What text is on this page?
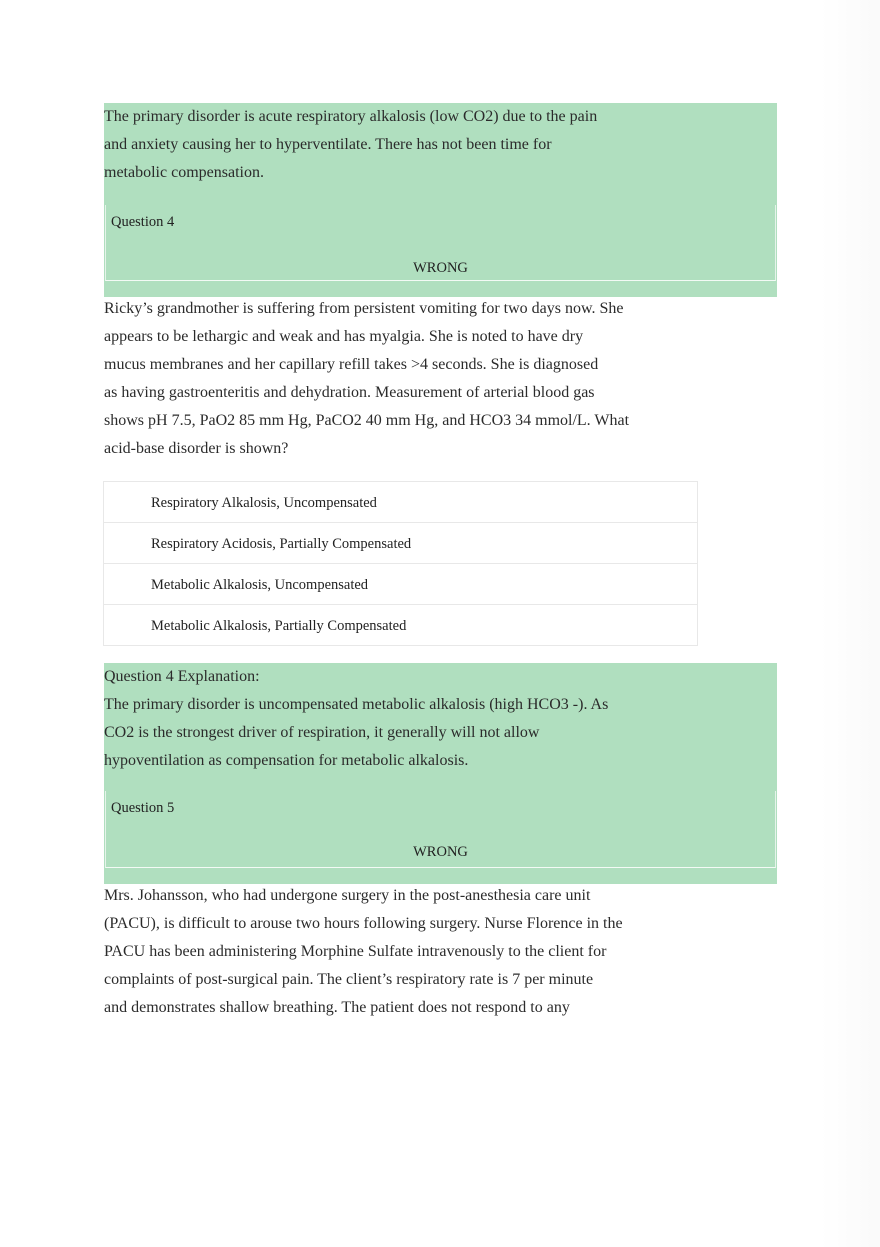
The primary disorder is acute respiratory alkalosis (low CO2) due to the pain

and anxiety causing her to hyperventilate. There has not been time for

metabolic compensation.

Question 4
WRONG
Ricky’s grandmother is suffering from persistent vomiting for two days now. She
appears to be lethargic and weak and has myalgia. She is noted to have dry
mucus membranes and her capillary refill takes >4 seconds. She is diagnosed
as having gastroenteritis and dehydration. Measurement of arterial blood gas
shows pH 7.5, PaO2 85 mm Hg, PaCO2 40 mm Hg, and HCO3 34 mmol/L. What
acid-base disorder is shown?
Respiratory Alkalosis, Uncompensated
Respiratory Acidosis, Partially Compensated
Metabolic Alkalosis, Uncompensated
Metabolic Alkalosis, Partially Compensated

Question 4 Explanation:

The primary disorder is uncompensated metabolic alkalosis (high HCO3 -). As

CO2 is the strongest driver of respiration, it generally will not allow

hypoventilation as compensation for metabolic alkalosis.

Question 5
WRONG
Mrs. Johansson, who had undergone surgery in the post-anesthesia care unit
(PACU), is difficult to arouse two hours following surgery. Nurse Florence in the
PACU has been administering Morphine Sulfate intravenously to the client for
complaints of post-surgical pain. The client’s respiratory rate is 7 per minute
and demonstrates shallow breathing. The patient does not respond to any
